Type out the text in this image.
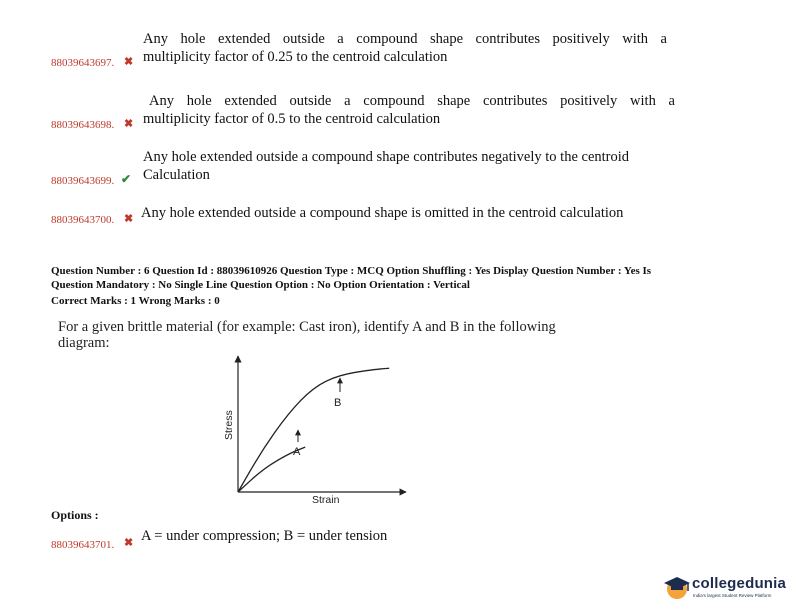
88039643697. ✖
Any hole extended outside a compound shape contributes positively with a
multiplicity factor of 0.25 to the centroid calculation
88039643698. ✖
Any hole extended outside a compound shape contributes positively with a
multiplicity factor of 0.5 to the centroid calculation
88039643699. ✔
Any hole extended outside a compound shape contributes negatively to the centroid
Calculation
88039643700. ✖ Any hole extended outside a compound shape is omitted in the centroid calculation
Question Number : 6 Question Id : 88039610926 Question Type : MCQ Option Shuffling : Yes Display Question Number : Yes Is
Question Mandatory : No Single Line Question Option : No Option Orientation : Vertical
Correct Marks : 1 Wrong Marks : 0
For a given brittle material (for example: Cast iron), identify A and B in the following
diagram:
Strain
Stress
A
B
Options :
88039643701. ✖ A = under compression; B = under tension
collegedunia
India's largest Student Review Platform
